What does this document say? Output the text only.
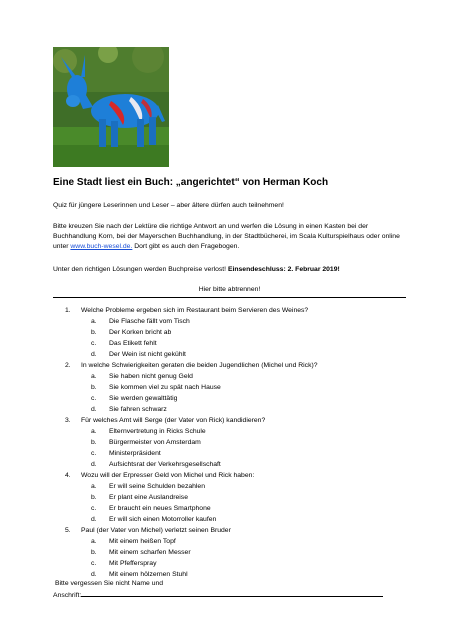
Eine Stadt liest ein Buch: „angerichtet“ von Herman Koch
Quiz für jüngere Leserinnen und Leser – aber ältere dürfen auch teilnehmen!
Bitte kreuzen Sie nach der Lektüre die richtige Antwort an und werfen die Lösung in einen Kasten bei der Buchhandlung Korn, bei der Mayerschen Buchhandlung, in der Stadtbücherei, im Scala Kulturspielhaus oder online unter www.buch-wesel.de. Dort gibt es auch den Fragebogen.
Unter den richtigen Lösungen werden Buchpreise verlost! Einsendeschluss: 2. Februar 2019!
Hier bitte abtrennen!
1. Welche Probleme ergeben sich im Restaurant beim Servieren des Weines?
a. Die Flasche fällt vom Tisch
b. Der Korken bricht ab
c. Das Etikett fehlt
d. Der Wein ist nicht gekühlt
2. In welche Schwierigkeiten geraten die beiden Jugendlichen (Michel und Rick)?
a. Sie haben nicht genug Geld
b. Sie kommen viel zu spät nach Hause
c. Sie werden gewalttätig
d. Sie fahren schwarz
3. Für welches Amt will Serge (der Vater von Rick) kandidieren?
a. Elternvertretung in Ricks Schule
b. Bürgermeister von Amsterdam
c. Ministerpräsident
d. Aufsichtsrat der Verkehrsgesellschaft
4. Wozu will der Erpresser Geld von Michel und Rick haben:
a. Er will seine Schulden bezahlen
b. Er plant eine Auslandreise
c. Er braucht ein neues Smartphone
d. Er will sich einen Motorroller kaufen
5. Paul (der Vater von Michel) verletzt seinen Bruder
a. Mit einem heißen Topf
b. Mit einem scharfen Messer
c. Mit Pfefferspray
d. Mit einem hölzernen Stuhl
Bitte vergessen Sie nicht Name und
Anschrift:
